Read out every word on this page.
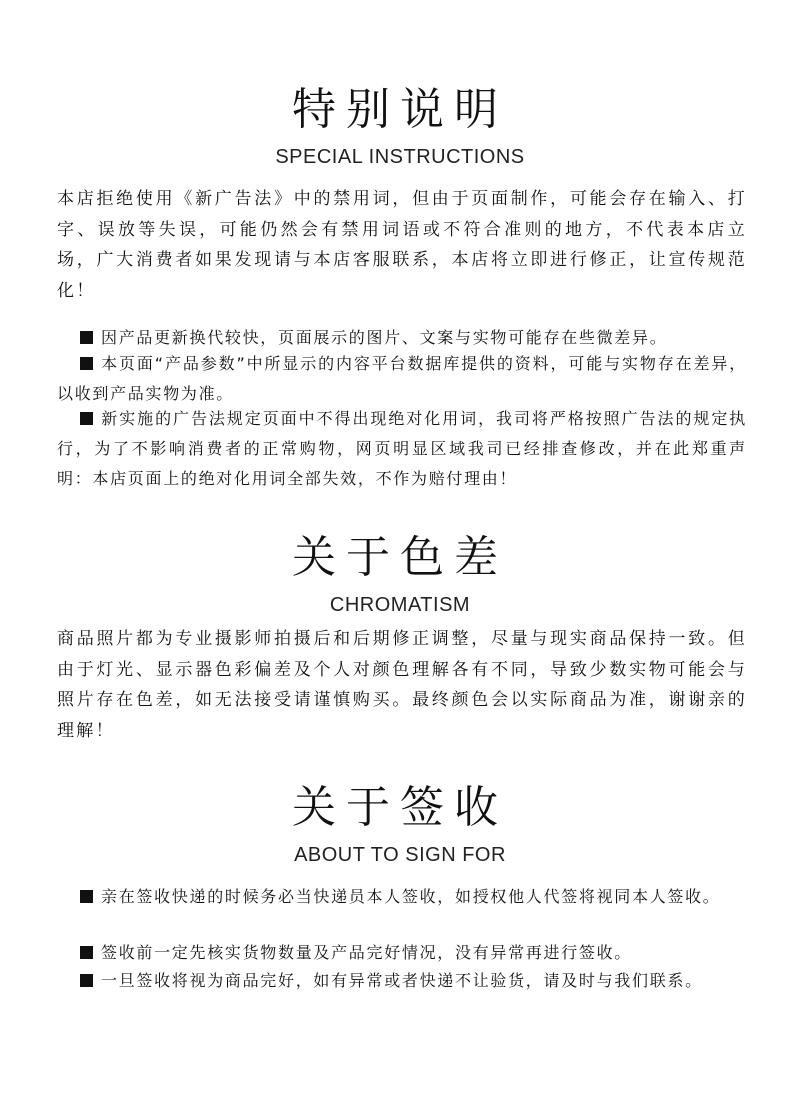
特别说明
SPECIAL INSTRUCTIONS

本店拒绝使用《新广告法》中的禁用词，但由于页面制作，可能会存在输入、打字、误放等失误，可能仍然会有禁用词语或不符合准则的地方，不代表本店立场，广大消费者如果发现请与本店客服联系，本店将立即进行修正，让宣传规范化！

因产品更新换代较快，页面展示的图片、文案与实物可能存在些微差异。

本页面“产品参数”中所显示的内容平台数据库提供的资料，可能与实物存在差异，以收到产品实物为准。

新实施的广告法规定页面中不得出现绝对化用词，我司将严格按照广告法的规定执行，为了不影响消费者的正常购物，网页明显区域我司已经排查修改，并在此郑重声明：本店页面上的绝对化用词全部失效，不作为赔付理由！

关于色差
CHROMATISM

商品照片都为专业摄影师拍摄后和后期修正调整，尽量与现实商品保持一致。但由于灯光、显示器色彩偏差及个人对颜色理解各有不同，导致少数实物可能会与照片存在色差，如无法接受请谨慎购买。最终颜色会以实际商品为准，谢谢亲的理解！

关于签收
ABOUT TO SIGN FOR

亲在签收快递的时候务必当快递员本人签收，如授权他人代签将视同本人签收。

签收前一定先核实货物数量及产品完好情况，没有异常再进行签收。

一旦签收将视为商品完好，如有异常或者快递不让验货，请及时与我们联系。
